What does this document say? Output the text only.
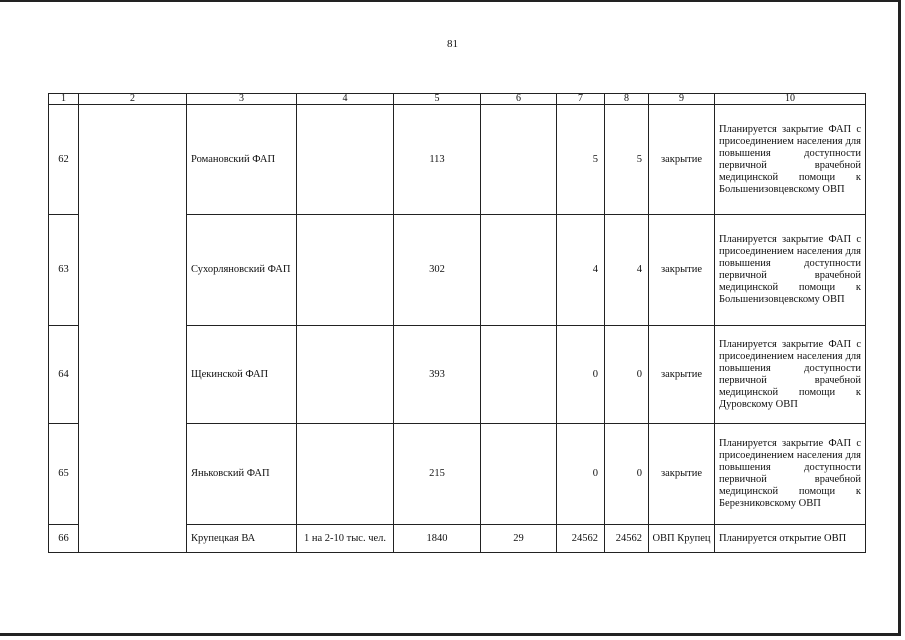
81
1	2	3	4	5	6	7	8	9	10
62		Романовский ФАП		113		5	5	закрытие	Планируется закрытие ФАП с присоединением населения для повышения доступности первичной врачебной медицинской помощи к Большенизовцевскому ОВП
63		Сухорляновский ФАП		302		4	4	закрытие	Планируется закрытие ФАП с присоединением населения для повышения доступности первичной врачебной медицинской помощи к Большенизовцевскому ОВП
64		Щекинской ФАП		393		0	0	закрытие	Планируется закрытие ФАП с присоединением населения для повышения доступности первичной врачебной медицинской помощи к Дуровскому ОВП
65		Яньковский ФАП		215		0	0	закрытие	Планируется закрытие ФАП с присоединением населения для повышения доступности первичной врачебной медицинской помощи к Березниковскому ОВП
66		Крупецкая ВА	1 на 2-10 тыс. чел.	1840	29	24562	24562	ОВП Крупец	Планируется открытие ОВП
